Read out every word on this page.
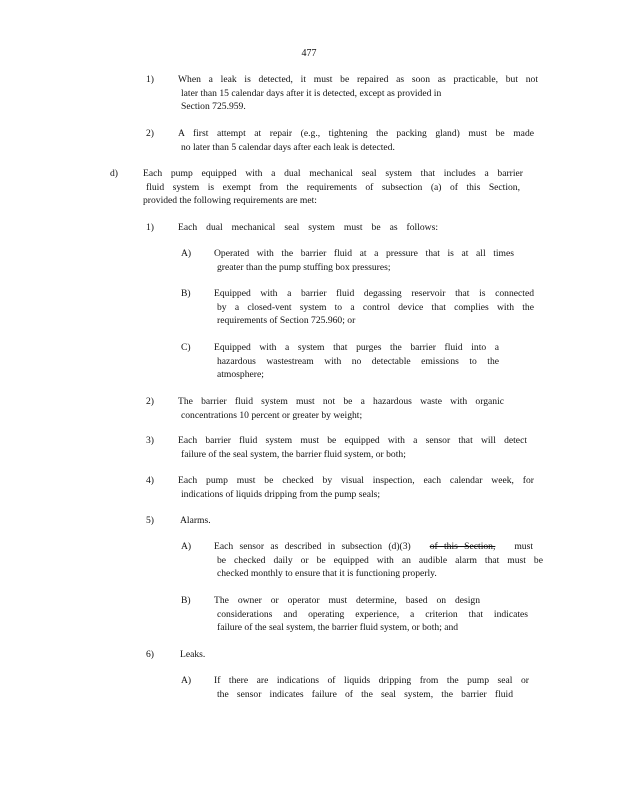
477
1)	When a leak is detected, it must be repaired as soon as practicable, but not
later than 15 calendar days after it is detected, except as provided in
Section 725.959.
2)	A first attempt at repair (e.g., tightening the packing gland) must be made
no later than 5 calendar days after each leak is detected.
d)	Each pump equipped with a dual mechanical seal system that includes a barrier
fluid system is exempt from the requirements of subsection (a) of this Section,
provided the following requirements are met:
1)	Each dual mechanical seal system must be as follows:
A) Operated with the barrier fluid at a pressure that is at all times
greater than the pump stuffing box pressures;
B) Equipped with a barrier fluid degassing reservoir that is connected
by a closed-vent system to a control device that complies with the
requirements of Section 725.960; or
C) Equipped with a system that purges the barrier fluid into a
hazardous wastestream with no detectable emissions to the
atmosphere;
2)	The barrier fluid system must not be a hazardous waste with organic
concentrations 10 percent or greater by weight;
3)	Each barrier fluid system must be equipped with a sensor that will detect
failure of the seal system, the barrier fluid system, or both;
4)	Each pump must be checked by visual inspection, each calendar week, for
indications of liquids dripping from the pump seals;
5)	Alarms.
A) Each sensor as described in subsection (d)(3) of this Section, must
be checked daily or be equipped with an audible alarm that must be
checked monthly to ensure that it is functioning properly.
B) The owner or operator must determine, based on design
considerations and operating experience, a criterion that indicates
failure of the seal system, the barrier fluid system, or both; and
6)	Leaks.
A) If there are indications of liquids dripping from the pump seal or
the sensor indicates failure of the seal system, the barrier fluid
